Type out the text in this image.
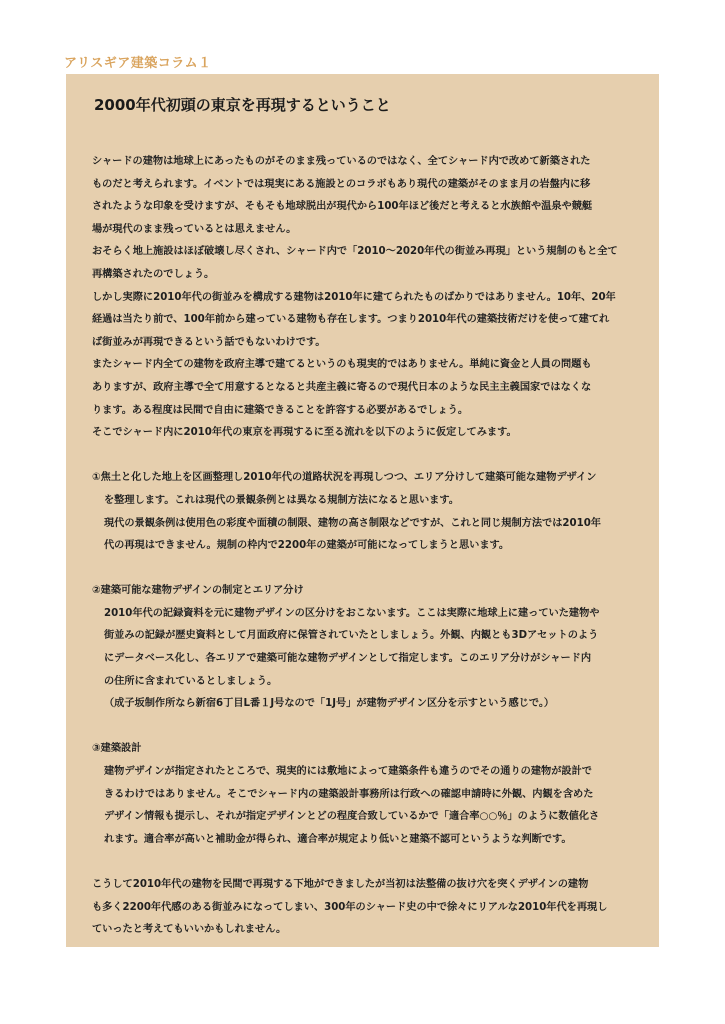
アリスギア建築コラム１
2000年代初頭の東京を再現するということ
シャードの建物は地球上にあったものがそのまま残っているのではなく、全てシャード内で改めて新築された
ものだと考えられます。イベントでは現実にある施設とのコラボもあり現代の建築がそのまま月の岩盤内に移
されたような印象を受けますが、そもそも地球脱出が現代から100年ほど後だと考えると水族館や温泉や競艇
場が現代のまま残っているとは思えません。
おそらく地上施設はほぼ破壊し尽くされ、シャード内で「2010～2020年代の街並み再現」という規制のもと全て
再構築されたのでしょう。
しかし実際に2010年代の街並みを構成する建物は2010年に建てられたものばかりではありません。10年、20年
経過は当たり前で、100年前から建っている建物も存在します。つまり2010年代の建築技術だけを使って建てれ
ば街並みが再現できるという話でもないわけです。
またシャード内全ての建物を政府主導で建てるというのも現実的ではありません。単純に資金と人員の問題も
ありますが、政府主導で全て用意するとなると共産主義に寄るので現代日本のような民主主義国家ではなくな
ります。ある程度は民間で自由に建築できることを許容する必要があるでしょう。
そこでシャード内に2010年代の東京を再現するに至る流れを以下のように仮定してみます。
①焦土と化した地上を区画整理し2010年代の道路状況を再現しつつ、エリア分けして建築可能な建物デザイン
を整理します。これは現代の景観条例とは異なる規制方法になると思います。
現代の景観条例は使用色の彩度や面積の制限、建物の高さ制限などですが、これと同じ規制方法では2010年
代の再現はできません。規制の枠内で2200年の建築が可能になってしまうと思います。
②建築可能な建物デザインの制定とエリア分け
2010年代の記録資料を元に建物デザインの区分けをおこないます。ここは実際に地球上に建っていた建物や
街並みの記録が歴史資料として月面政府に保管されていたとしましょう。外観、内観とも3Dアセットのよう
にデータベース化し、各エリアで建築可能な建物デザインとして指定します。このエリア分けがシャード内
の住所に含まれているとしましょう。
（成子坂制作所なら新宿6丁目L番１J号なので「1J号」が建物デザイン区分を示すという感じで。）
③建築設計
建物デザインが指定されたところで、現実的には敷地によって建築条件も違うのでその通りの建物が設計で
きるわけではありません。そこでシャード内の建築設計事務所は行政への確認申請時に外観、内観を含めた
デザイン情報も提示し、それが指定デザインとどの程度合致しているかで「適合率○○％」のように数値化さ
れます。適合率が高いと補助金が得られ、適合率が規定より低いと建築不認可というような判断です。
こうして2010年代の建物を民間で再現する下地ができましたが当初は法整備の抜け穴を突くデザインの建物
も多く2200年代感のある街並みになってしまい、300年のシャード史の中で徐々にリアルな2010年代を再現し
ていったと考えてもいいかもしれません。
